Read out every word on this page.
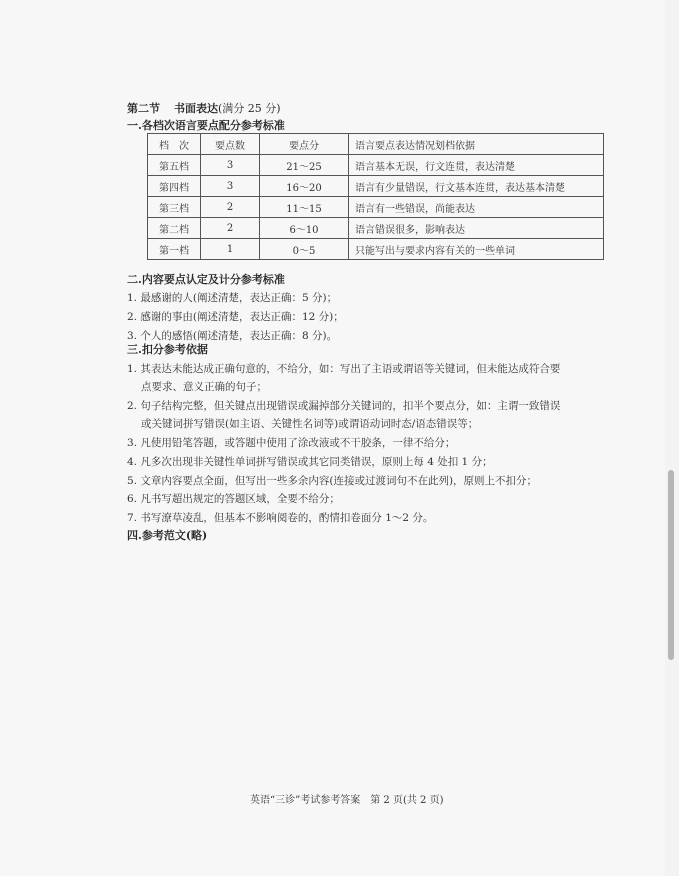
第二节 书面表达(满分 25 分)
一.各档次语言要点配分参考标准
档　次	要点数	要点分	语言要点表达情况划档依据
第五档	3	21～25	语言基本无误，行文连贯，表达清楚
第四档	3	16～20	语言有少量错误，行文基本连贯，表达基本清楚
第三档	2	11～15	语言有一些错误，尚能表达
第二档	2	6～10	语言错误很多，影响表达
第一档	1	0～5	只能写出与要求内容有关的一些单词
二.内容要点认定及计分参考标准
1. 最感谢的人(阐述清楚，表达正确：5 分)；
2. 感谢的事由(阐述清楚，表达正确：12 分)；
3. 个人的感悟(阐述清楚，表达正确：8 分)。
三.扣分参考依据
1. 其表达未能达成正确句意的，不给分，如：写出了主语或谓语等关键词，但未能达成符合要
点要求、意义正确的句子；
2. 句子结构完整，但关键点出现错误或漏掉部分关键词的，扣半个要点分，如：主谓一致错误
或关键词拼写错误(如主语、关键性名词等)或谓语动词时态/语态错误等；
3. 凡使用铅笔答题，或答题中使用了涂改液或不干胶条，一律不给分；
4. 凡多次出现非关键性单词拼写错误或其它同类错误，原则上每 4 处扣 1 分；
5. 文章内容要点全面，但写出一些多余内容(连接或过渡词句不在此列)，原则上不扣分；
6. 凡书写超出规定的答题区域，全要不给分；
7. 书写潦草凌乱，但基本不影响阅卷的，酌情扣卷面分 1～2 分。
四.参考范文(略)
英语“三诊”考试参考答案　第 2 页(共 2 页)
